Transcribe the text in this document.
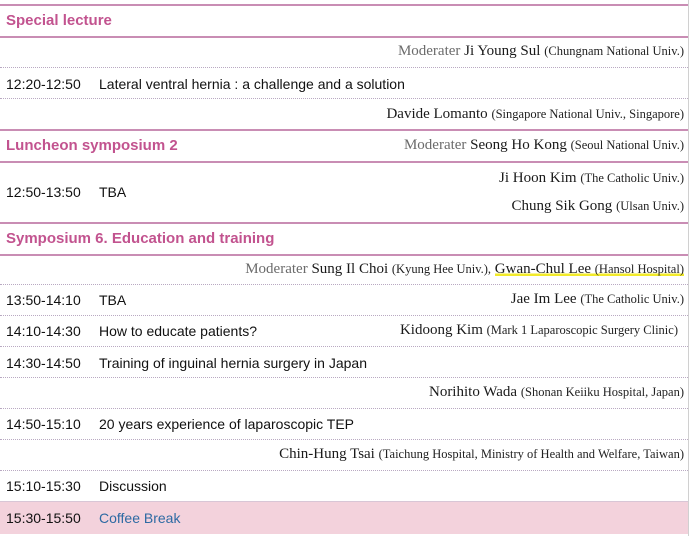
Special lecture
Moderater Ji Young Sul (Chungnam National Univ.)
12:20-12:50 Lateral ventral hernia : a challenge and a solution
Davide Lomanto (Singapore National Univ., Singapore)
Luncheon symposium 2	Moderater Seong Ho Kong (Seoul National Univ.)
12:50-13:50 TBA
Ji Hoon Kim (The Catholic Univ.)
Chung Sik Gong (Ulsan Univ.)
Symposium 6. Education and training
Moderater Sung Il Choi (Kyung Hee Univ.), Gwan-Chul Lee (Hansol Hospital)
13:50-14:10 TBA	Jae Im Lee (The Catholic Univ.)
14:10-14:30 How to educate patients?	Kidoong Kim (Mark 1 Laparoscopic Surgery Clinic)
14:30-14:50 Training of inguinal hernia surgery in Japan
Norihito Wada (Shonan Keiiku Hospital, Japan)
14:50-15:10 20 years experience of laparoscopic TEP
Chin-Hung Tsai (Taichung Hospital, Ministry of Health and Welfare, Taiwan)
15:10-15:30 Discussion
15:30-15:50 Coffee Break
